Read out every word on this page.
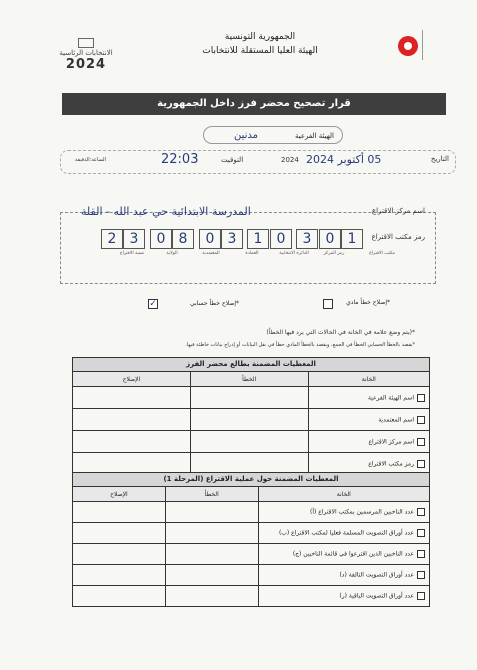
الانتخابات الرئاسية
2024
الجمهورية التونسية
الهيئة العليا المستقلة للانتخابات
قرار تصحيح محضر فرز داخل الجمهورية
الهيئة الفرعية
مدنين
التاريخ
05 أكتوبر 2024
2024
التوقيت
22:03
الساعة:الدقيقة
اسم مركز الاقتراع
المدرسة الابتدائية حي عبد الله - القلة
رمز مكتب الاقتراع
2 3	0 8	0 3	1	0	3	0 1
مكتب الاقتراع
رمز المركز
الدائرة الانتخابية
العمادة
المعتمدية
الولاية
نسبة الاقتراع
*إصلاح خطأ مادي
*إصلاح خطأ حسابي
✓
*(يتم وضع علامة في الخانة في الحالات التي يرد فيها الخطأ)
*يقصد بالخطأ الحسابي الخطأ في الجمع، ويقصد بالخطأ المادي خطأ في نقل البيانات أو إدراج بيانات خاطئة فيها.
المعطيات المضمنة بطالع محضر الفرز
الإصلاح	الخطأ	الخانة
		اسم الهيئة الفرعية
		اسم المعتمدية
		اسم مركز الاقتراع
		رمز مكتب الاقتراع
المعطيات المضمنة حول عملية الاقتراع (المرحلة 1)
الإصلاح	الخطأ	الخانة
		عدد الناخبين المرسمين بمكتب الاقتراع (أ)
		عدد أوراق التصويت المسلمة فعليا لمكتب الاقتراع (ب)
		عدد الناخبين الذين اقترعوا في قائمة الناخبين (ج)
		عدد أوراق التصويت التالفة (د)
		عدد أوراق التصويت الباقية (ر)
